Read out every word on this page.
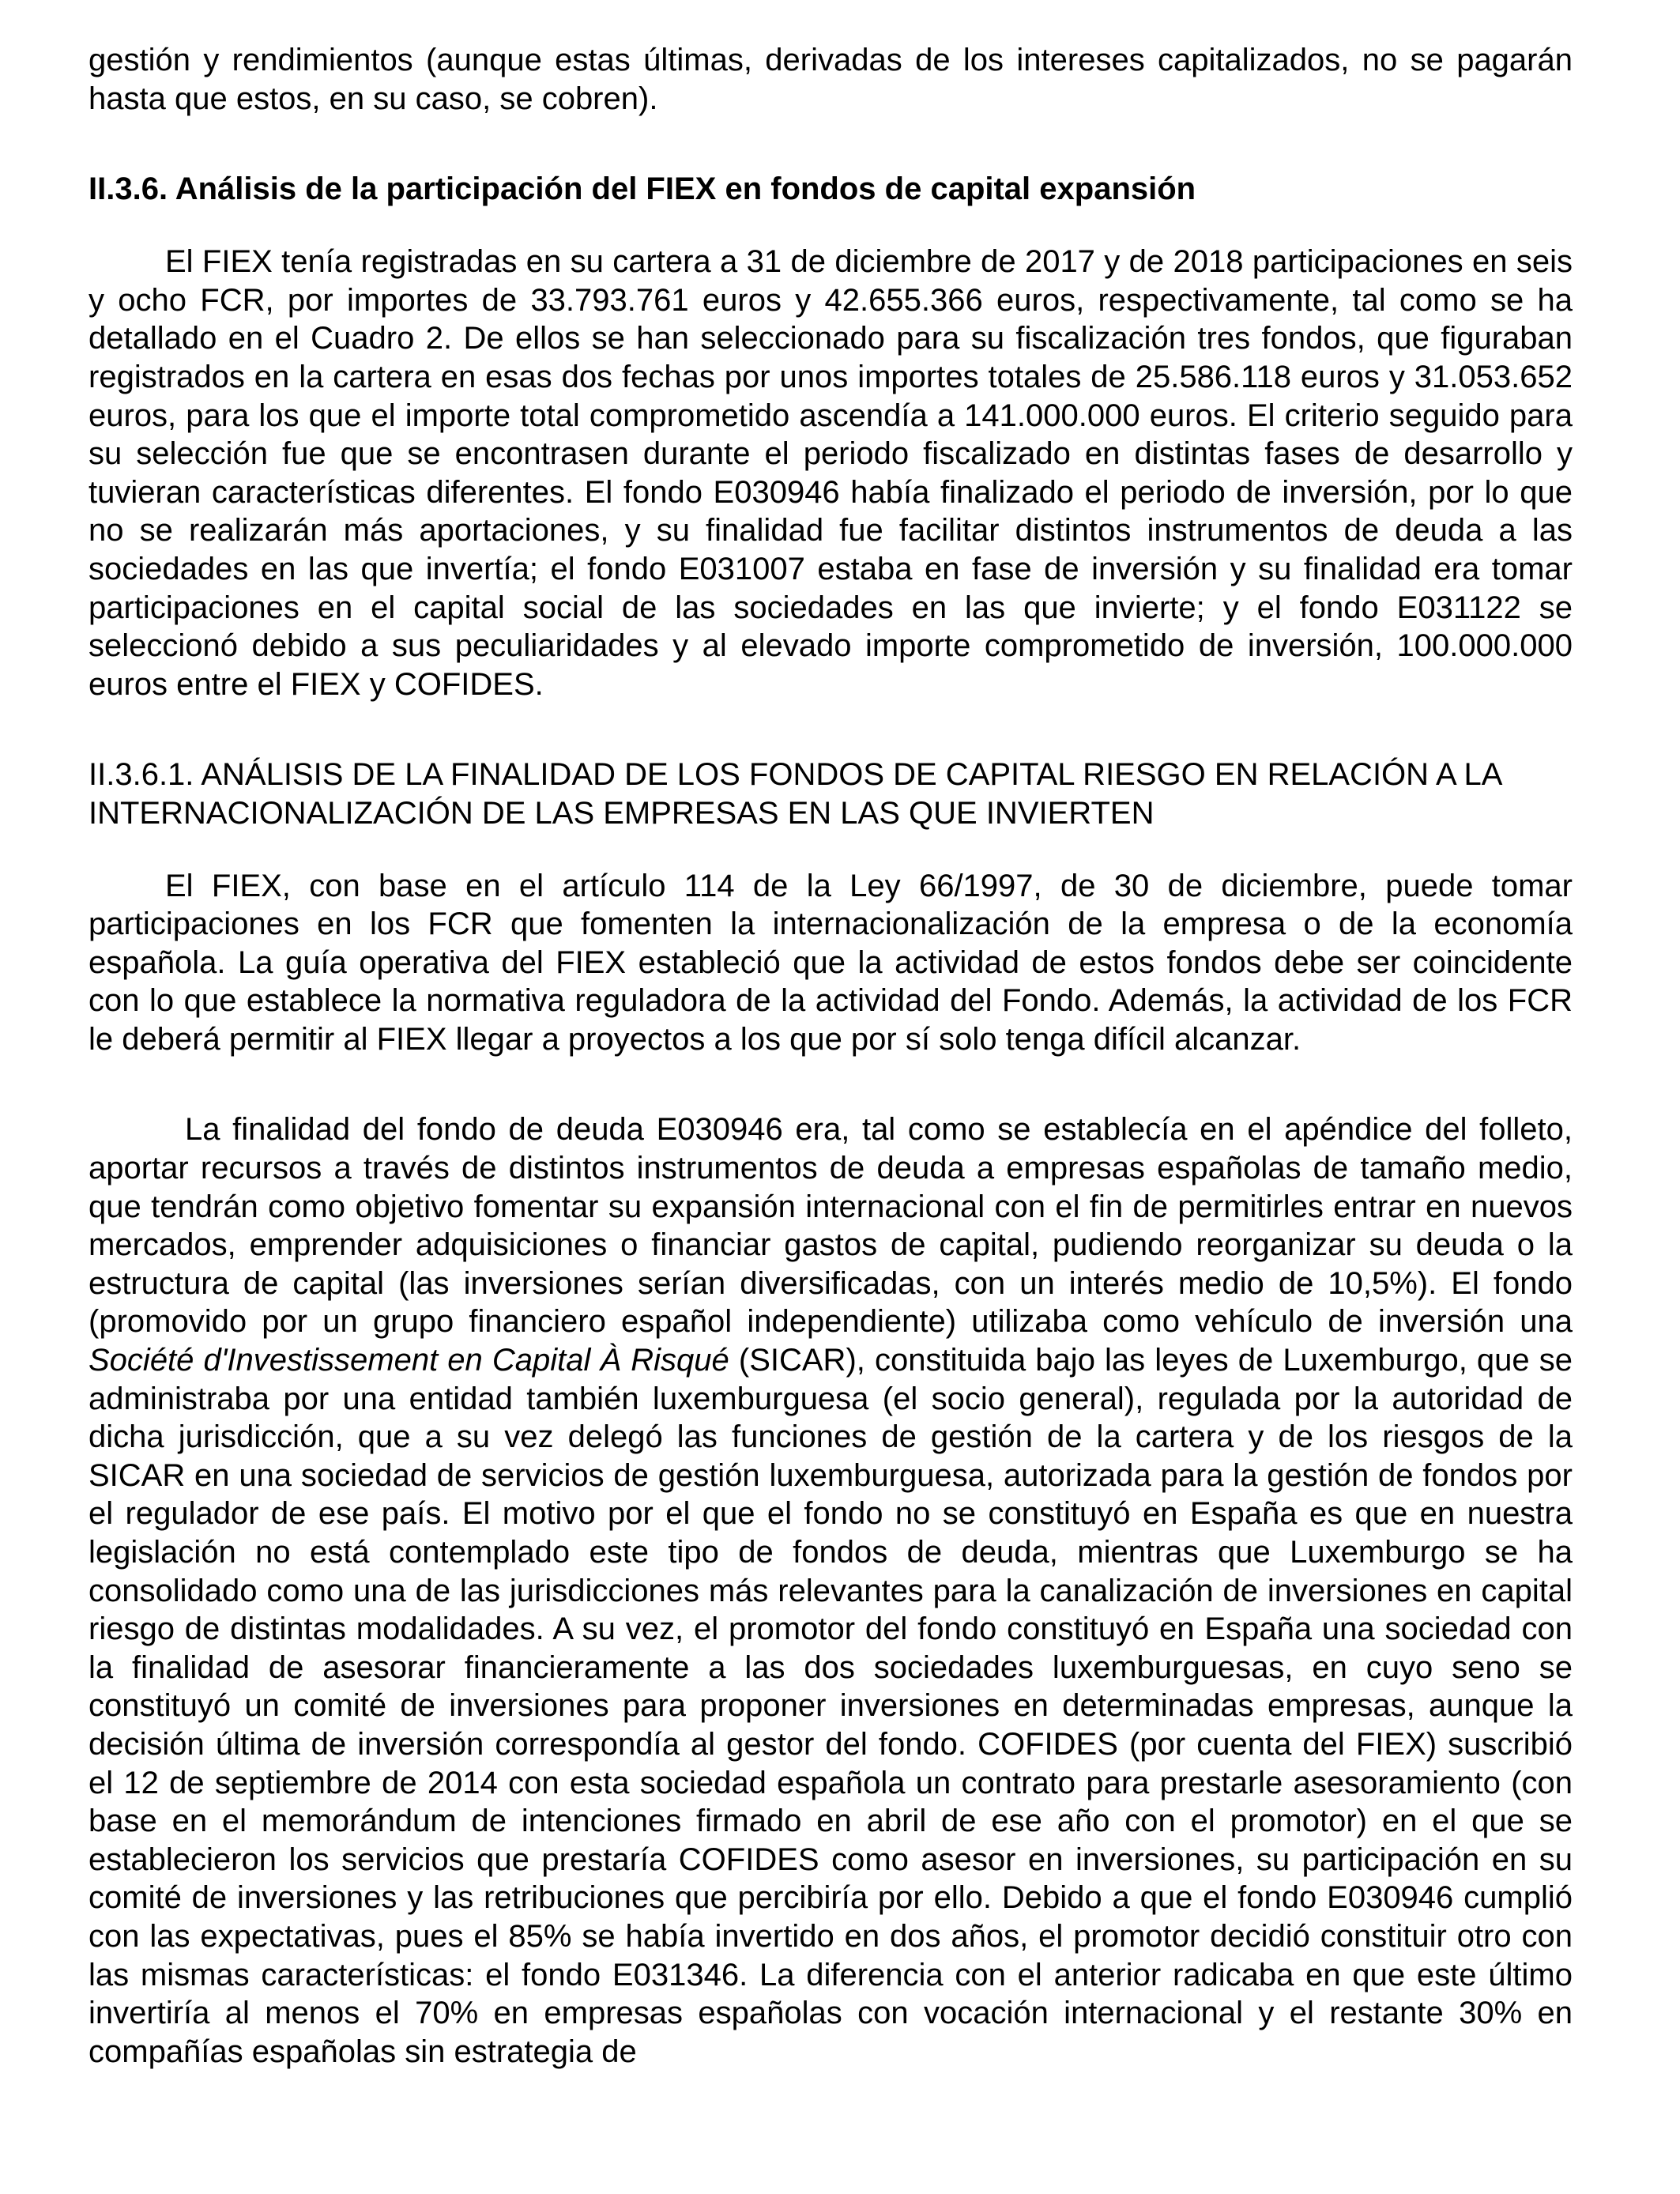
gestión y rendimientos (aunque estas últimas, derivadas de los intereses capitalizados, no se pagarán hasta que estos, en su caso, se cobren).

II.3.6. Análisis de la participación del FIEX en fondos de capital expansión

El FIEX tenía registradas en su cartera a 31 de diciembre de 2017 y de 2018 participaciones en seis y ocho FCR, por importes de 33.793.761 euros y 42.655.366 euros, respectivamente, tal como se ha detallado en el Cuadro 2. De ellos se han seleccionado para su fiscalización tres fondos, que figuraban registrados en la cartera en esas dos fechas por unos importes totales de 25.586.118 euros y 31.053.652 euros, para los que el importe total comprometido ascendía a 141.000.000 euros. El criterio seguido para su selección fue que se encontrasen durante el periodo fiscalizado en distintas fases de desarrollo y tuvieran características diferentes. El fondo E030946 había finalizado el periodo de inversión, por lo que no se realizarán más aportaciones, y su finalidad fue facilitar distintos instrumentos de deuda a las sociedades en las que invertía; el fondo E031007 estaba en fase de inversión y su finalidad era tomar participaciones en el capital social de las sociedades en las que invierte; y el fondo E031122 se seleccionó debido a sus peculiaridades y al elevado importe comprometido de inversión, 100.000.000 euros entre el FIEX y COFIDES.

II.3.6.1. ANÁLISIS DE LA FINALIDAD DE LOS FONDOS DE CAPITAL RIESGO EN RELACIÓN A LA INTERNACIONALIZACIÓN DE LAS EMPRESAS EN LAS QUE INVIERTEN

El FIEX, con base en el artículo 114 de la Ley 66/1997, de 30 de diciembre, puede tomar participaciones en los FCR que fomenten la internacionalización de la empresa o de la economía española. La guía operativa del FIEX estableció que la actividad de estos fondos debe ser coincidente con lo que establece la normativa reguladora de la actividad del Fondo. Además, la actividad de los FCR le deberá permitir al FIEX llegar a proyectos a los que por sí solo tenga difícil alcanzar.

La finalidad del fondo de deuda E030946 era, tal como se establecía en el apéndice del folleto, aportar recursos a través de distintos instrumentos de deuda a empresas españolas de tamaño medio, que tendrán como objetivo fomentar su expansión internacional con el fin de permitirles entrar en nuevos mercados, emprender adquisiciones o financiar gastos de capital, pudiendo reorganizar su deuda o la estructura de capital (las inversiones serían diversificadas, con un interés medio de 10,5%). El fondo (promovido por un grupo financiero español independiente) utilizaba como vehículo de inversión una Société d'Investissement en Capital À Risqué (SICAR), constituida bajo las leyes de Luxemburgo, que se administraba por una entidad también luxemburguesa (el socio general), regulada por la autoridad de dicha jurisdicción, que a su vez delegó las funciones de gestión de la cartera y de los riesgos de la SICAR en una sociedad de servicios de gestión luxemburguesa, autorizada para la gestión de fondos por el regulador de ese país. El motivo por el que el fondo no se constituyó en España es que en nuestra legislación no está contemplado este tipo de fondos de deuda, mientras que Luxemburgo se ha consolidado como una de las jurisdicciones más relevantes para la canalización de inversiones en capital riesgo de distintas modalidades. A su vez, el promotor del fondo constituyó en España una sociedad con la finalidad de asesorar financieramente a las dos sociedades luxemburguesas, en cuyo seno se constituyó un comité de inversiones para proponer inversiones en determinadas empresas, aunque la decisión última de inversión correspondía al gestor del fondo. COFIDES (por cuenta del FIEX) suscribió el 12 de septiembre de 2014 con esta sociedad española un contrato para prestarle asesoramiento (con base en el memorándum de intenciones firmado en abril de ese año con el promotor) en el que se establecieron los servicios que prestaría COFIDES como asesor en inversiones, su participación en su comité de inversiones y las retribuciones que percibiría por ello. Debido a que el fondo E030946 cumplió con las expectativas, pues el 85% se había invertido en dos años, el promotor decidió constituir otro con las mismas características: el fondo E031346. La diferencia con el anterior radicaba en que este último invertiría al menos el 70% en empresas españolas con vocación internacional y el restante 30% en compañías españolas sin estrategia de
